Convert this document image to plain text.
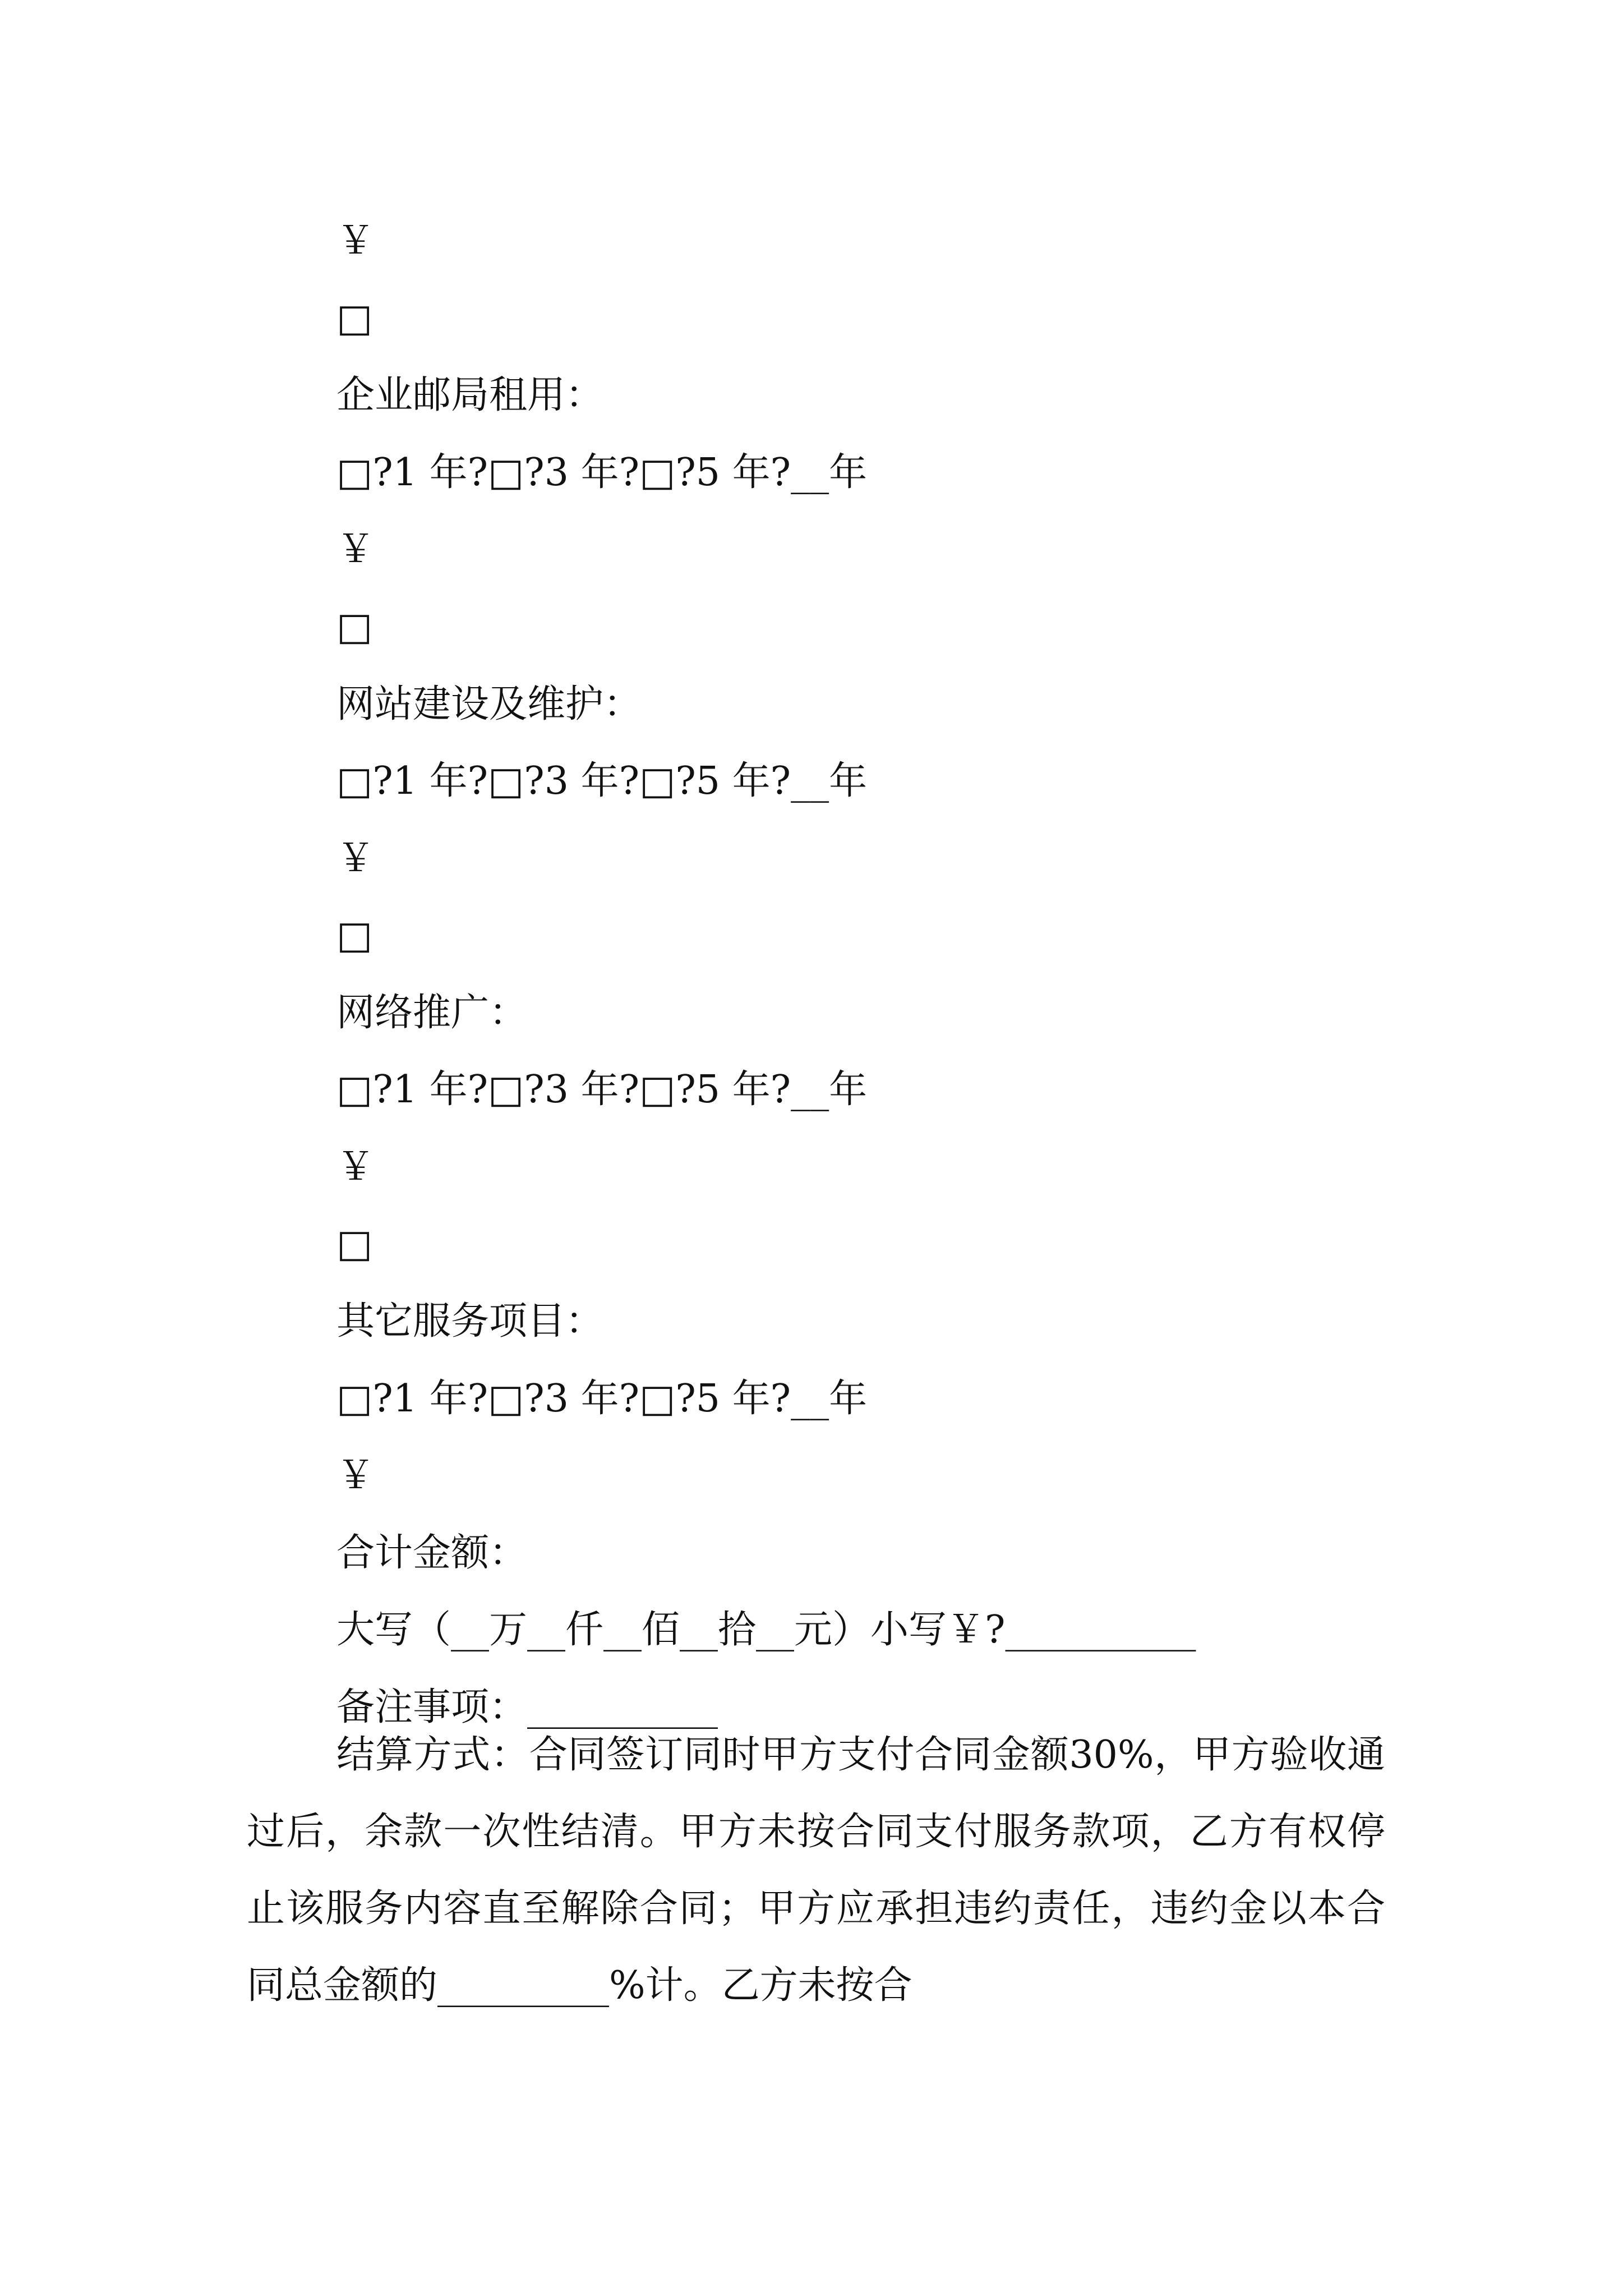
￥
□
企业邮局租用：
□?1 年?□?3 年?□?5 年?__年
￥
□
网站建设及维护：
□?1 年?□?3 年?□?5 年?__年
￥
□
网络推广：
□?1 年?□?3 年?□?5 年?__年
￥
□
其它服务项目：
□?1 年?□?3 年?□?5 年?__年
￥
合计金额：
大写（__万__仟__佰__拾__元）小写￥?__________
备注事项：__________
结算方式：合同签订同时甲方支付合同金额30%，甲方验收通过后，余款一次性结清。甲方未按合同支付服务款项，乙方有权停止该服务内容直至解除合同；甲方应承担违约责任，违约金以本合同总金额的_________%计。乙方未按合
